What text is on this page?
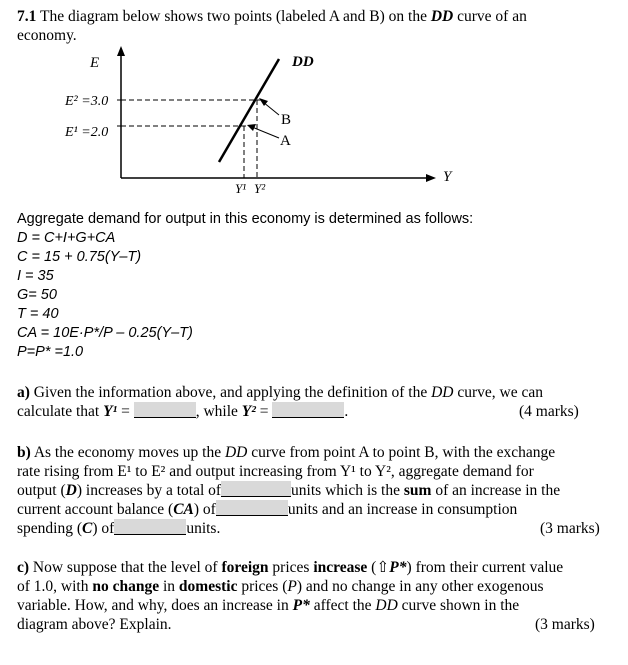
7.1 The diagram below shows two points (labeled A and B) on the DD curve of an
economy.
E
Y
DD
E² =3.0
E¹ =2.0
B
A
Y¹ Y²
Aggregate demand for output in this economy is determined as follows:
D = C+I+G+CA
C = 15 + 0.75(Y–T)
I = 35
G= 50
T = 40
CA = 10E·P*/P – 0.25(Y–T)
P=P* =1.0
a) Given the information above, and applying the definition of the DD curve, we can
calculate that Y¹ =	, while Y² =	.	(4 marks)
b) As the economy moves up the DD curve from point A to point B, with the exchange
rate rising from E¹ to E² and output increasing from Y¹ to Y², aggregate demand for
output (D) increases by a total of	units which is the sum of an increase in the
current account balance (CA) of	units and an increase in consumption
spending (C) of	units.	(3 marks)
c) Now suppose that the level of foreign prices increase (⇧P*) from their current value
of 1.0, with no change in domestic prices (P) and no change in any other exogenous
variable. How, and why, does an increase in P* affect the DD curve shown in the
diagram above? Explain.	(3 marks)
